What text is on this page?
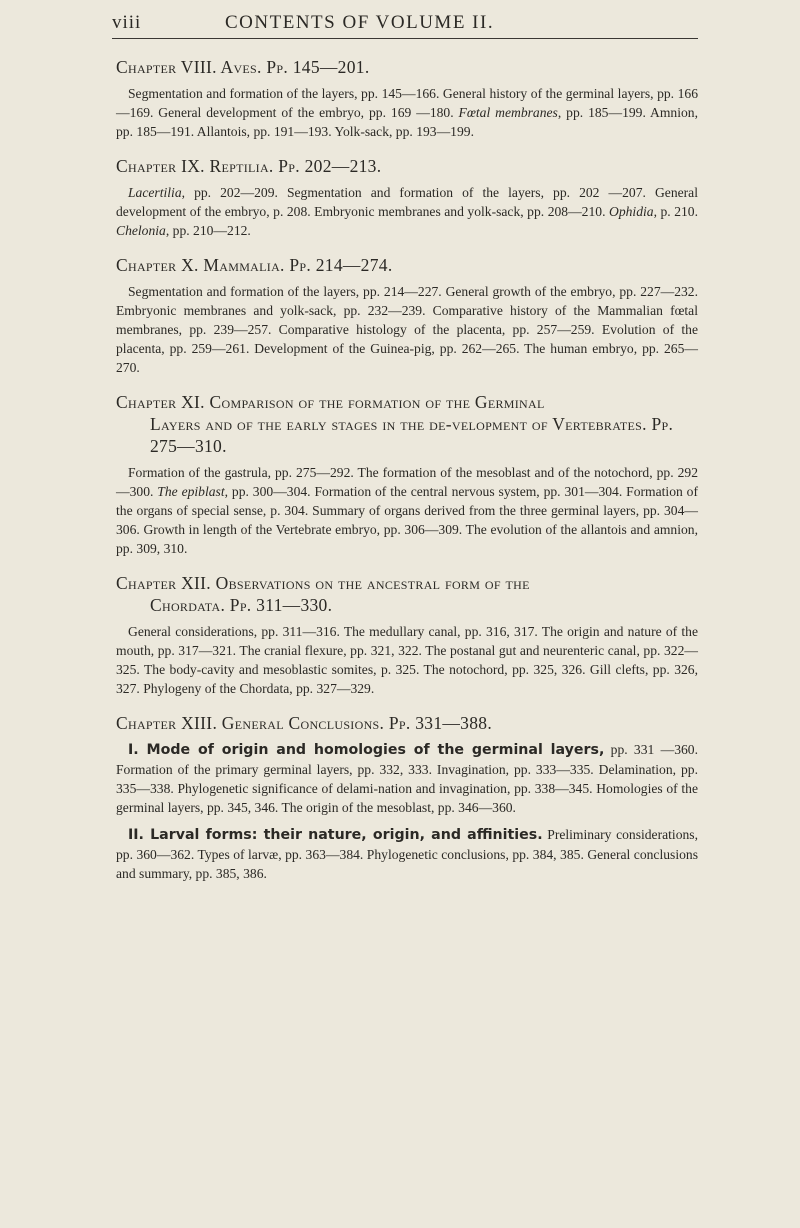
viii	CONTENTS OF VOLUME II.
Chapter VIII. Aves. Pp. 145—201.

Segmentation and formation of the layers, pp. 145—166. General history of the germinal layers, pp. 166—169. General development of the embryo, pp. 169 —180. Fœtal membranes, pp. 185—199. Amnion, pp. 185—191. Allantois, pp. 191—193. Yolk-sack, pp. 193—199.

Chapter IX. Reptilia. Pp. 202—213.

Lacertilia, pp. 202—209. Segmentation and formation of the layers, pp. 202 —207. General development of the embryo, p. 208. Embryonic membranes and yolk-sack, pp. 208—210. Ophidia, p. 210. Chelonia, pp. 210—212.

Chapter X. Mammalia. Pp. 214—274.

Segmentation and formation of the layers, pp. 214—227. General growth of the embryo, pp. 227—232. Embryonic membranes and yolk-sack, pp. 232—239. Comparative history of the Mammalian fœtal membranes, pp. 239—257. Comparative histology of the placenta, pp. 257—259. Evolution of the placenta, pp. 259—261. Development of the Guinea-pig, pp. 262—265. The human embryo, pp. 265—270.

Chapter XI. Comparison of the formation of the Germinal
Layers and of the early stages in the de-velopment of Vertebrates. Pp. 275—310.

Formation of the gastrula, pp. 275—292. The formation of the mesoblast and of the notochord, pp. 292—300. The epiblast, pp. 300—304. Formation of the central nervous system, pp. 301—304. Formation of the organs of special sense, p. 304. Summary of organs derived from the three germinal layers, pp. 304—306. Growth in length of the Vertebrate embryo, pp. 306—309. The evolution of the allantois and amnion, pp. 309, 310.

Chapter XII. Observations on the ancestral form of the
Chordata. Pp. 311—330.

General considerations, pp. 311—316. The medullary canal, pp. 316, 317. The origin and nature of the mouth, pp. 317—321. The cranial flexure, pp. 321, 322. The postanal gut and neurenteric canal, pp. 322—325. The body-cavity and mesoblastic somites, p. 325. The notochord, pp. 325, 326. Gill clefts, pp. 326, 327. Phylogeny of the Chordata, pp. 327—329.

Chapter XIII. General Conclusions. Pp. 331—388.

I. Mode of origin and homologies of the germinal layers, pp. 331 —360. Formation of the primary germinal layers, pp. 332, 333. Invagination, pp. 333—335. Delamination, pp. 335—338. Phylogenetic significance of delami-nation and invagination, pp. 338—345. Homologies of the germinal layers, pp. 345, 346. The origin of the mesoblast, pp. 346—360.

II. Larval forms: their nature, origin, and affinities. Preliminary considerations, pp. 360—362. Types of larvæ, pp. 363—384. Phylogenetic conclusions, pp. 384, 385. General conclusions and summary, pp. 385, 386.
